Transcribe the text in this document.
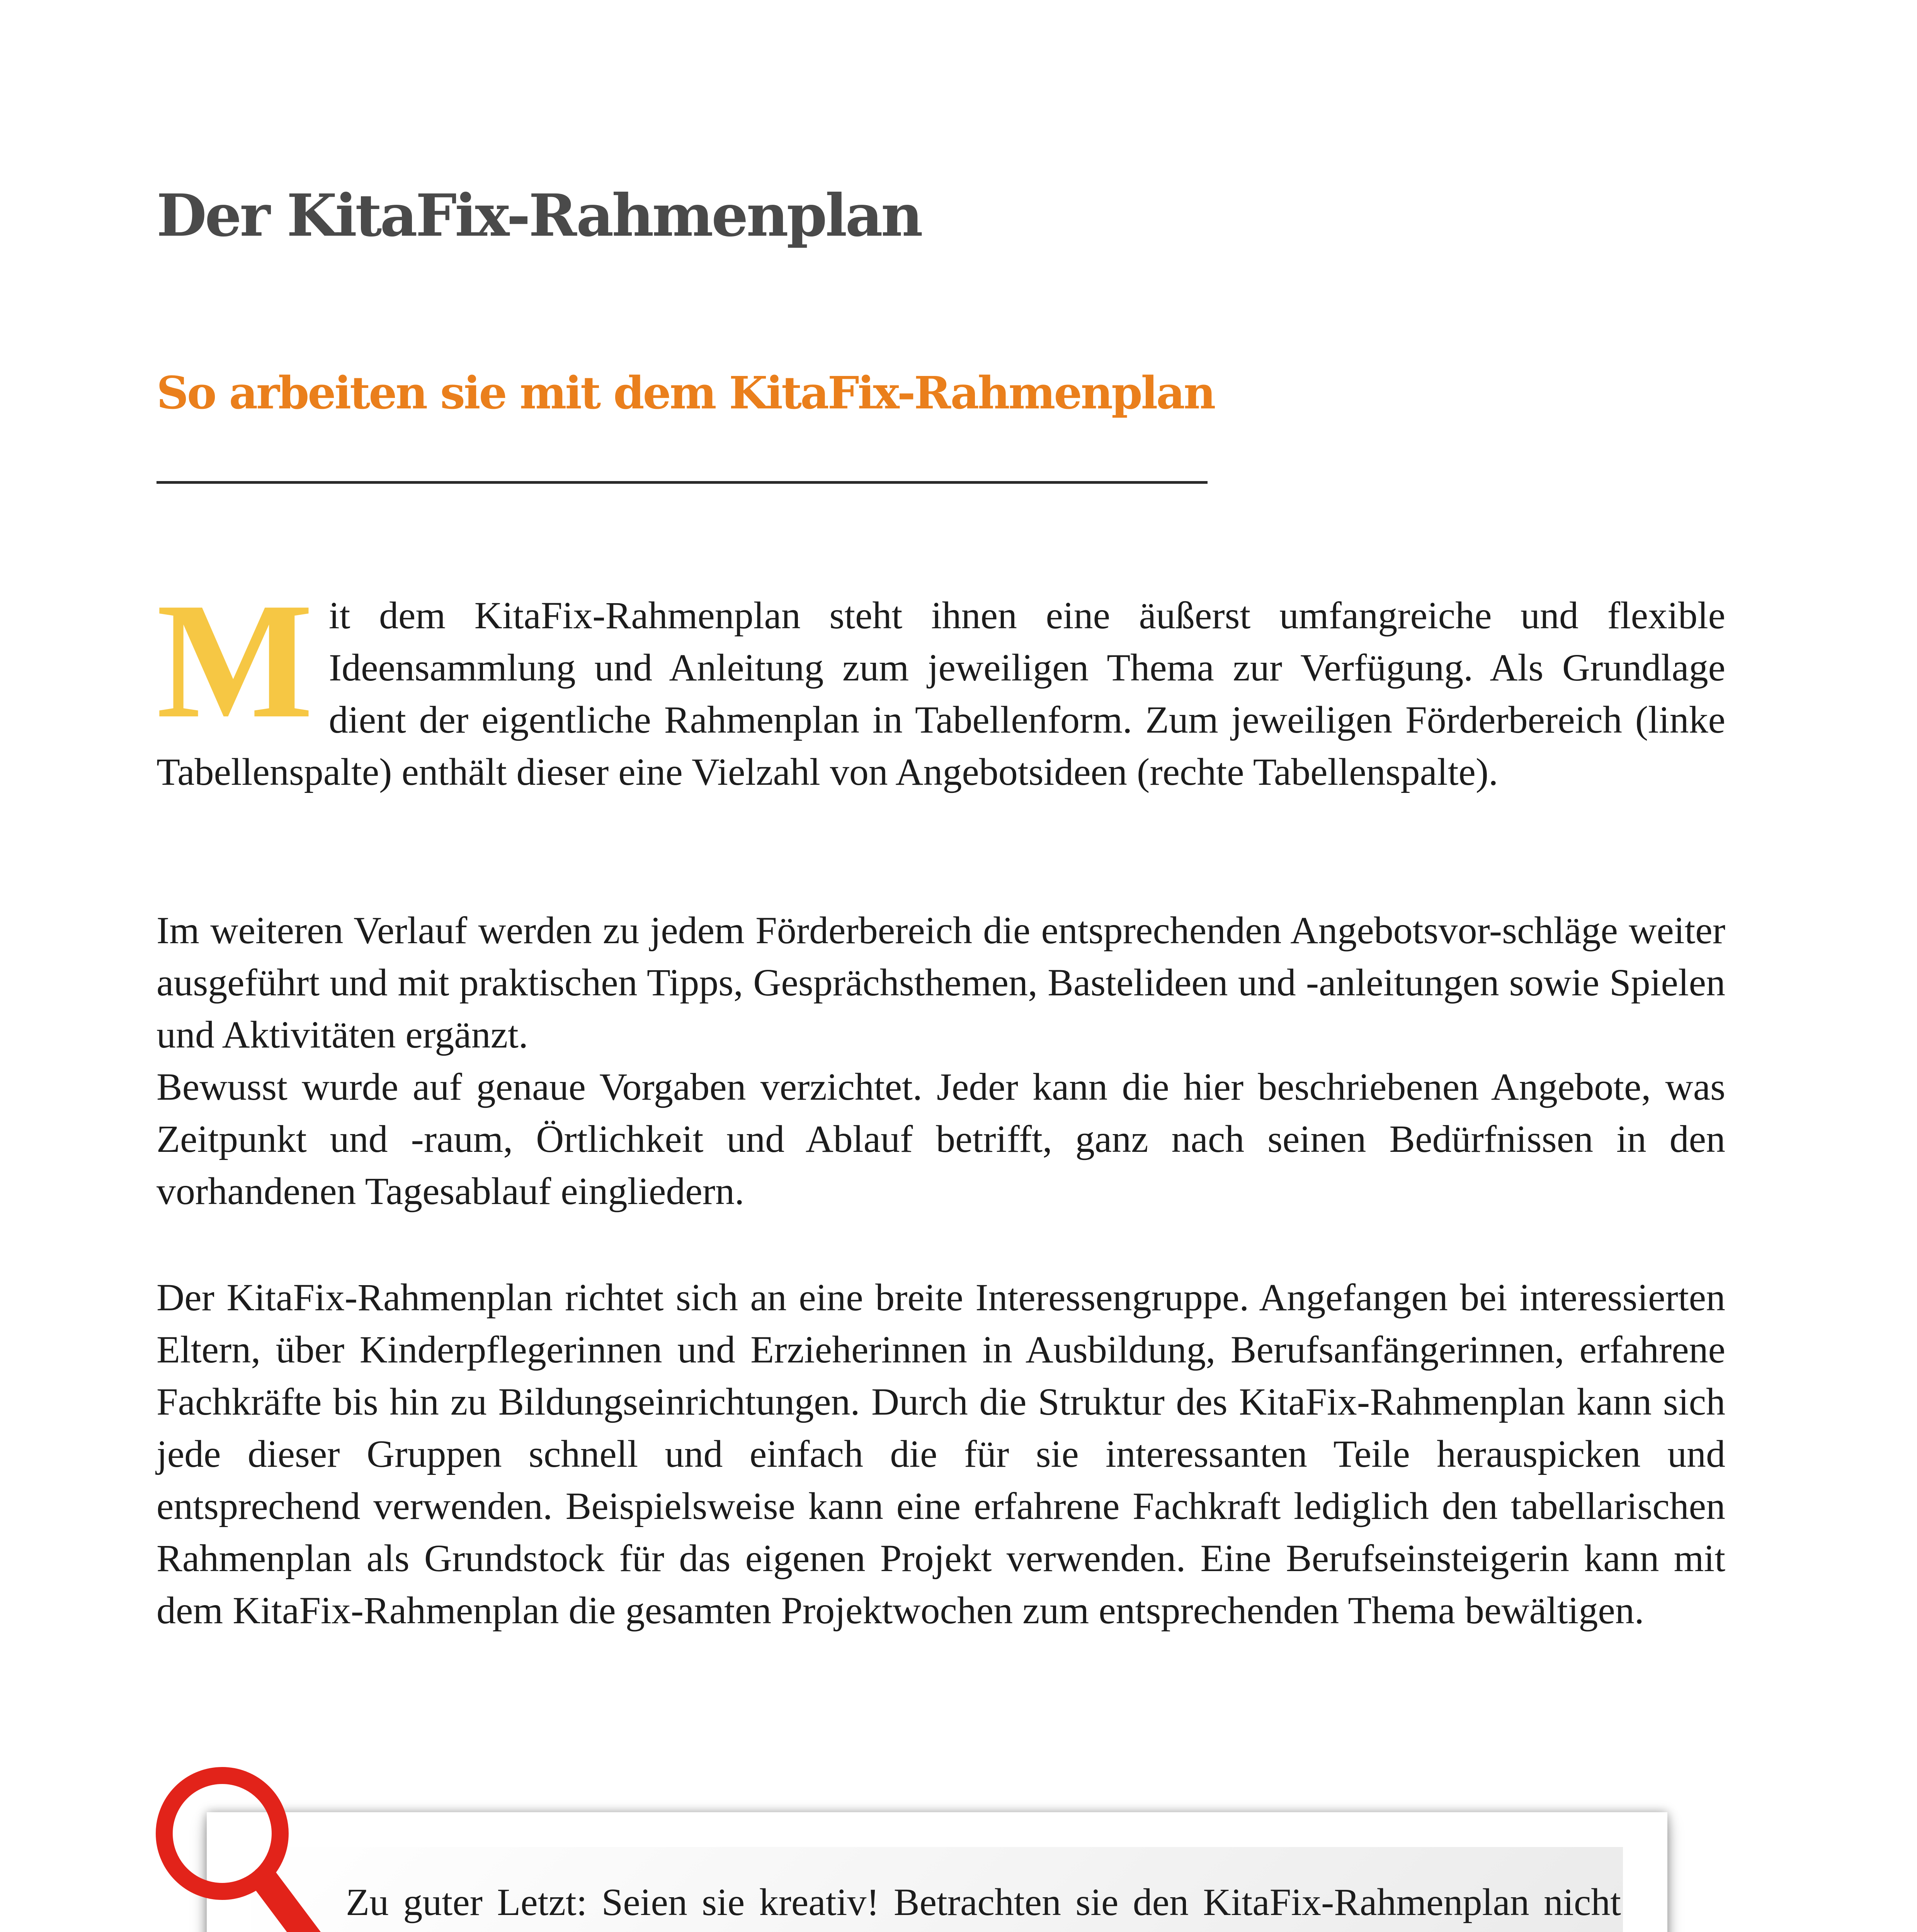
Der KitaFix-Rahmenplan
So arbeiten sie mit dem KitaFix-Rahmenplan

Mit dem KitaFix-Rahmenplan steht ihnen eine äußerst umfangreiche und flexible Ideensammlung und Anleitung zum jeweiligen Thema zur Verfügung. Als Grundlage dient der eigentliche Rahmenplan in Tabellenform. Zum jeweiligen Förderbereich (linke Tabellenspalte) enthält dieser eine Vielzahl von Angebotsideen (rechte Tabellenspalte).

Im weiteren Verlauf werden zu jedem Förderbereich die entsprechenden Angebotsvor-schläge weiter ausgeführt und mit praktischen Tipps, Gesprächsthemen, Bastelideen und -anleitungen sowie Spielen und Aktivitäten ergänzt.

Bewusst wurde auf genaue Vorgaben verzichtet. Jeder kann die hier beschriebenen Angebote, was Zeitpunkt und -raum, Örtlichkeit und Ablauf betrifft, ganz nach seinen Bedürfnissen in den vorhandenen Tagesablauf eingliedern.

Der KitaFix-Rahmenplan richtet sich an eine breite Interessengruppe. Angefangen bei interessierten Eltern, über Kinderpflegerinnen und Erzieherinnen in Ausbildung, Berufsanfängerinnen, erfahrene Fachkräfte bis hin zu Bildungseinrichtungen. Durch die Struktur des KitaFix-Rahmenplan kann sich jede dieser Gruppen schnell und einfach die für sie interessanten Teile herauspicken und entsprechend verwenden. Beispielsweise kann eine erfahrene Fachkraft lediglich den tabellarischen Rahmenplan als Grundstock für das eigenen Projekt verwenden. Eine Berufseinsteigerin kann mit dem KitaFix-Rahmenplan die gesamten Projektwochen zum entsprechenden Thema bewältigen.

Zu guter Letzt: Seien sie kreativ! Betrachten sie den KitaFix-Rahmenplan nicht
